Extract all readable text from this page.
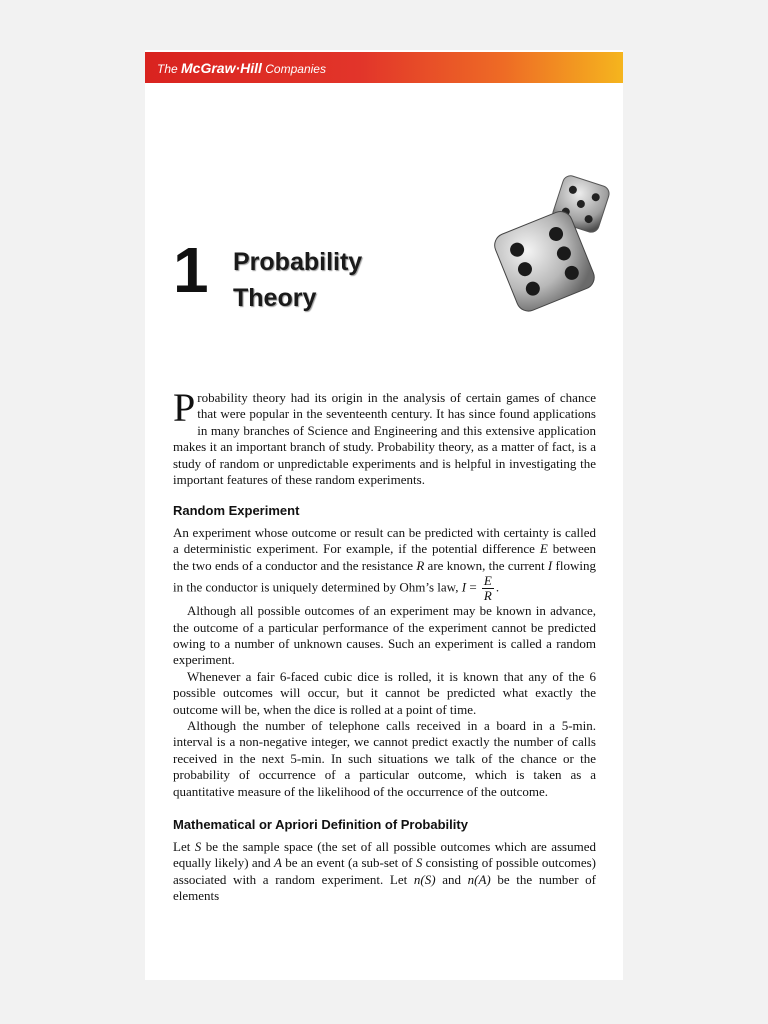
The McGraw·Hill Companies
1 Probability
Theory

Probability theory had its origin in the analysis of certain games of chance that were popular in the seventeenth century. It has since found applications in many branches of Science and Engineering and this extensive application makes it an important branch of study. Probability theory, as a matter of fact, is a study of random or unpredictable experiments and is helpful in investigating the important features of these random experiments.

Random Experiment

An experiment whose outcome or result can be predicted with certainty is called a deterministic experiment. For example, if the potential difference E between the two ends of a conductor and the resistance R are known, the current I flowing in the conductor is uniquely determined by Ohm’s law, $I = \frac{E}{R}$ .

Although all possible outcomes of an experiment may be known in advance, the outcome of a particular performance of the experiment cannot be predicted owing to a number of unknown causes. Such an experiment is called a random experiment.

Whenever a fair 6-faced cubic dice is rolled, it is known that any of the 6 possible outcomes will occur, but it cannot be predicted what exactly the outcome will be, when the dice is rolled at a point of time.

Although the number of telephone calls received in a board in a 5-min. interval is a non-negative integer, we cannot predict exactly the number of calls received in the next 5-min. In such situations we talk of the chance or the probability of occurrence of a particular outcome, which is taken as a quantitative measure of the likelihood of the occurrence of the outcome.

Mathematical or Apriori Definition of Probability

Let S be the sample space (the set of all possible outcomes which are assumed equally likely) and A be an event (a sub-set of S consisting of possible outcomes) associated with a random experiment. Let n(S) and n(A) be the number of elements
